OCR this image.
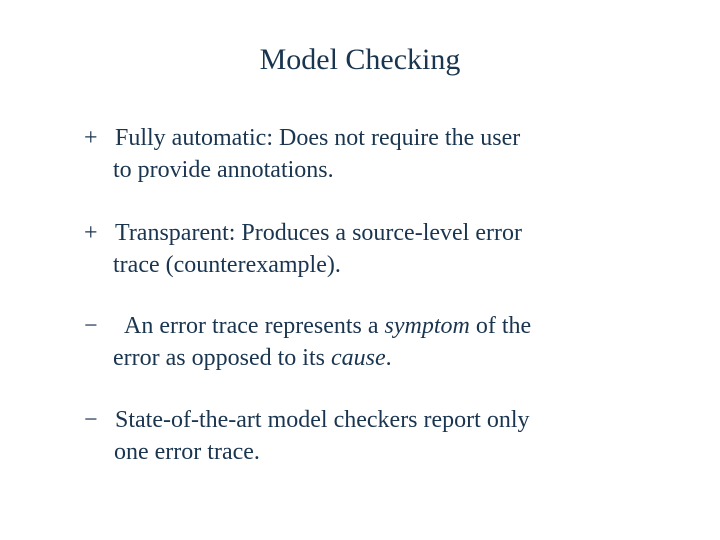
Model Checking
+ Fully automatic: Does not require the user
to provide annotations.
+ Transparent: Produces a source-level error
trace (counterexample).
− An error trace represents a symptom of the
error as opposed to its cause.
− State-of-the-art model checkers report only
one error trace.
